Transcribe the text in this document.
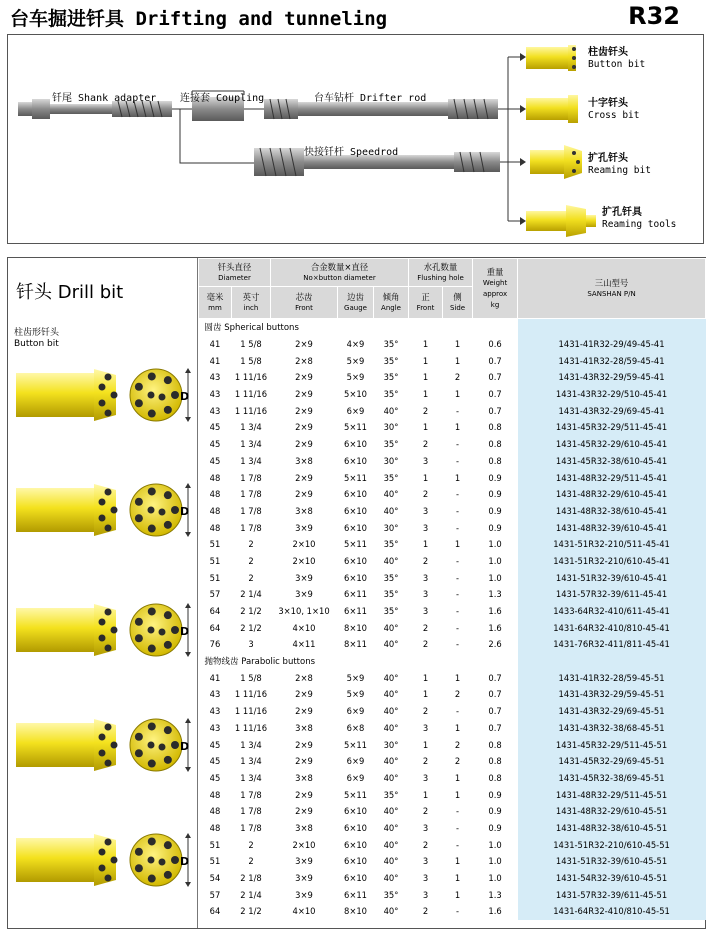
台车掘进钎具 Drifting and tunneling	R32
钎尾 Shank adapter 连接套 Coupling	台车钻杆 Drifter rod
快接钎杆 Speedrod
柱齿钎头
Button bit
十字钎头
Cross bit
扩孔钎头
Reaming bit
扩孔钎具
Reaming tools
钎头 Drill bit
柱齿形钎头
Button bit
D
D
D
D
D
钎头直径
Diameter		合金数量×直径
No×button diameter			水孔数量
Flushing hole		重量
Weight
approx
kg	三山型号
SANSHAN P/N
毫米
mm	英寸
inch	芯齿
Front	边齿
Gauge	倾角
Angle	正
Front	侧
Side		
圆齿 Spherical buttons								
41	1 5/8	2×9	4×9	35°	1	1	0.6	1431-41R32-29/49-45-41
41	1 5/8	2×8	5×9	35°	1	1	0.7	1431-41R32-28/59-45-41
43	1 11/16	2×9	5×9	35°	1	2	0.7	1431-43R32-29/59-45-41
43	1 11/16	2×9	5×10	35°	1	1	0.7	1431-43R32-29/510-45-41
43	1 11/16	2×9	6×9	40°	2	-	0.7	1431-43R32-29/69-45-41
45	1 3/4	2×9	5×11	30°	1	1	0.8	1431-45R32-29/511-45-41
45	1 3/4	2×9	6×10	35°	2	-	0.8	1431-45R32-29/610-45-41
45	1 3/4	3×8	6×10	30°	3	-	0.8	1431-45R32-38/610-45-41
48	1 7/8	2×9	5×11	35°	1	1	0.9	1431-48R32-29/511-45-41
48	1 7/8	2×9	6×10	40°	2	-	0.9	1431-48R32-29/610-45-41
48	1 7/8	3×8	6×10	40°	3	-	0.9	1431-48R32-38/610-45-41
48	1 7/8	3×9	6×10	30°	3	-	0.9	1431-48R32-39/610-45-41
51	2	2×10	5×11	35°	1	1	1.0	1431-51R32-210/511-45-41
51	2	2×10	6×10	40°	2	-	1.0	1431-51R32-210/610-45-41
51	2	3×9	6×10	35°	3	-	1.0	1431-51R32-39/610-45-41
57	2 1/4	3×9	6×11	35°	3	-	1.3	1431-57R32-39/611-45-41
64	2 1/2	3×10, 1×10	6×11	35°	3	-	1.6	1433-64R32-410/611-45-41
64	2 1/2	4×10	8×10	40°	2	-	1.6	1431-64R32-410/810-45-41
76	3	4×11	8×11	40°	2	-	2.6	1431-76R32-411/811-45-41
抛物线齿 Parabolic buttons								
41	1 5/8	2×8	5×9	40°	1	1	0.7	1431-41R32-28/59-45-51
43	1 11/16	2×9	5×9	40°	1	2	0.7	1431-43R32-29/59-45-51
43	1 11/16	2×9	6×9	40°	2	-	0.7	1431-43R32-29/69-45-51
43	1 11/16	3×8	6×8	40°	3	1	0.7	1431-43R32-38/68-45-51
45	1 3/4	2×9	5×11	30°	1	2	0.8	1431-45R32-29/511-45-51
45	1 3/4	2×9	6×9	40°	2	2	0.8	1431-45R32-29/69-45-51
45	1 3/4	3×8	6×9	40°	3	1	0.8	1431-45R32-38/69-45-51
48	1 7/8	2×9	5×11	35°	1	1	0.9	1431-48R32-29/511-45-51
48	1 7/8	2×9	6×10	40°	2	-	0.9	1431-48R32-29/610-45-51
48	1 7/8	3×8	6×10	40°	3	-	0.9	1431-48R32-38/610-45-51
51	2	2×10	6×10	40°	2	-	1.0	1431-51R32-210/610-45-51
51	2	3×9	6×10	40°	3	1	1.0	1431-51R32-39/610-45-51
54	2 1/8	3×9	6×10	40°	3	1	1.0	1431-54R32-39/610-45-51
57	2 1/4	3×9	6×11	35°	3	1	1.3	1431-57R32-39/611-45-51
64	2 1/2	4×10	8×10	40°	2	-	1.6	1431-64R32-410/810-45-51
